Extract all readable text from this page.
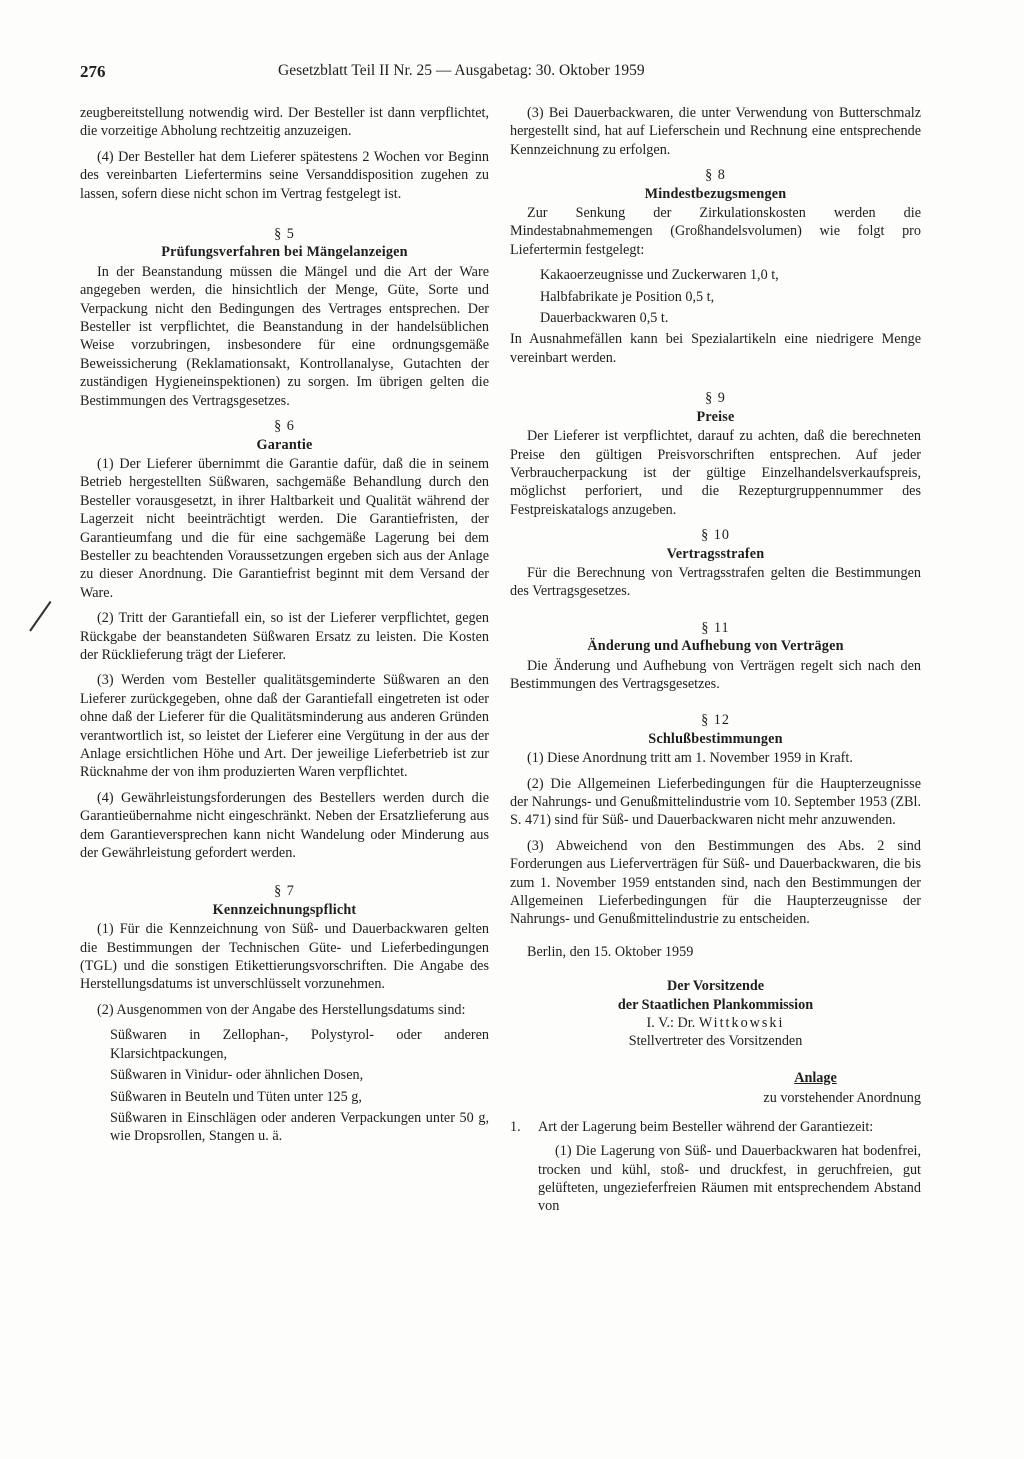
276	Gesetzblatt Teil II Nr. 25 — Ausgabetag: 30. Oktober 1959

zeugbereitstellung notwendig wird. Der Besteller ist dann verpflichtet, die vorzeitige Abholung rechtzeitig anzuzeigen.

(4) Der Besteller hat dem Lieferer spätestens 2 Wochen vor Beginn des vereinbarten Liefertermins seine Versanddisposition zugehen zu lassen, sofern diese nicht schon im Vertrag festgelegt ist.

§ 5
Prüfungsverfahren bei Mängelanzeigen

In der Beanstandung müssen die Mängel und die Art der Ware angegeben werden, die hinsichtlich der Menge, Güte, Sorte und Verpackung nicht den Bedingungen des Vertrages entsprechen. Der Besteller ist verpflichtet, die Beanstandung in der handelsüblichen Weise vorzubringen, insbesondere für eine ordnungsgemäße Beweissicherung (Reklamationsakt, Kontrollanalyse, Gutachten der zuständigen Hygieneinspektionen) zu sorgen. Im übrigen gelten die Bestimmungen des Vertragsgesetzes.

§ 6
Garantie

(1) Der Lieferer übernimmt die Garantie dafür, daß die in seinem Betrieb hergestellten Süßwaren, sachgemäße Behandlung durch den Besteller vorausgesetzt, in ihrer Haltbarkeit und Qualität während der Lagerzeit nicht beeinträchtigt werden. Die Garantiefristen, der Garantieumfang und die für eine sachgemäße Lagerung bei dem Besteller zu beachtenden Voraussetzungen ergeben sich aus der Anlage zu dieser Anordnung. Die Garantiefrist beginnt mit dem Versand der Ware.

(2) Tritt der Garantiefall ein, so ist der Lieferer verpflichtet, gegen Rückgabe der beanstandeten Süßwaren Ersatz zu leisten. Die Kosten der Rücklieferung trägt der Lieferer.

(3) Werden vom Besteller qualitätsgeminderte Süßwaren an den Lieferer zurückgegeben, ohne daß der Garantiefall eingetreten ist oder ohne daß der Lieferer für die Qualitätsminderung aus anderen Gründen verantwortlich ist, so leistet der Lieferer eine Vergütung in der aus der Anlage ersichtlichen Höhe und Art. Der jeweilige Lieferbetrieb ist zur Rücknahme der von ihm produzierten Waren verpflichtet.

(4) Gewährleistungsforderungen des Bestellers werden durch die Garantieübernahme nicht eingeschränkt. Neben der Ersatzlieferung aus dem Garantieversprechen kann nicht Wandelung oder Minderung aus der Gewährleistung gefordert werden.

§ 7
Kennzeichnungspflicht

(1) Für die Kennzeichnung von Süß- und Dauerbackwaren gelten die Bestimmungen der Technischen Güte- und Lieferbedingungen (TGL) und die sonstigen Etikettierungsvorschriften. Die Angabe des Herstellungsdatums ist unverschlüsselt vorzunehmen.

(2) Ausgenommen von der Angabe des Herstellungsdatums sind:

Süßwaren in Zellophan-, Polystyrol- oder anderen Klarsichtpackungen,

Süßwaren in Vinidur- oder ähnlichen Dosen,

Süßwaren in Beuteln und Tüten unter 125 g,

Süßwaren in Einschlägen oder anderen Verpackungen unter 50 g, wie Dropsrollen, Stangen u. ä.

(3) Bei Dauerbackwaren, die unter Verwendung von Butterschmalz hergestellt sind, hat auf Lieferschein und Rechnung eine entsprechende Kennzeichnung zu erfolgen.

§ 8
Mindestbezugsmengen

Zur Senkung der Zirkulationskosten werden die Mindestabnahmemengen (Großhandelsvolumen) wie folgt pro Liefertermin festgelegt:

Kakaoerzeugnisse und Zuckerwaren 1,0 t,

Halbfabrikate je Position 0,5 t,

Dauerbackwaren 0,5 t.

In Ausnahmefällen kann bei Spezialartikeln eine niedrigere Menge vereinbart werden.

§ 9
Preise

Der Lieferer ist verpflichtet, darauf zu achten, daß die berechneten Preise den gültigen Preisvorschriften entsprechen. Auf jeder Verbraucherpackung ist der gültige Einzelhandelsverkaufspreis, möglichst perforiert, und die Rezepturgruppennummer des Festpreiskatalogs anzugeben.

§ 10
Vertragsstrafen

Für die Berechnung von Vertragsstrafen gelten die Bestimmungen des Vertragsgesetzes.

§ 11
Änderung und Aufhebung von Verträgen

Die Änderung und Aufhebung von Verträgen regelt sich nach den Bestimmungen des Vertragsgesetzes.

§ 12
Schlußbestimmungen

(1) Diese Anordnung tritt am 1. November 1959 in Kraft.

(2) Die Allgemeinen Lieferbedingungen für die Haupterzeugnisse der Nahrungs- und Genußmittelindustrie vom 10. September 1953 (ZBl. S. 471) sind für Süß- und Dauerbackwaren nicht mehr anzuwenden.

(3) Abweichend von den Bestimmungen des Abs. 2 sind Forderungen aus Lieferverträgen für Süß- und Dauerbackwaren, die bis zum 1. November 1959 entstanden sind, nach den Bestimmungen der Allgemeinen Lieferbedingungen für die Haupterzeugnisse der Nahrungs- und Genußmittelindustrie zu entscheiden.

Berlin, den 15. Oktober 1959

Der Vorsitzende
der Staatlichen Plankommission
I. V.: Dr. Wittkowski
Stellvertreter des Vorsitzenden
Anlage
zu vorstehender Anordnung
1.	Art der Lagerung beim Besteller während der Garantiezeit:

(1) Die Lagerung von Süß- und Dauerbackwaren hat bodenfrei, trocken und kühl, stoß- und druckfest, in geruchfreien, gut gelüfteten, ungezieferfreien Räumen mit entsprechendem Abstand von
